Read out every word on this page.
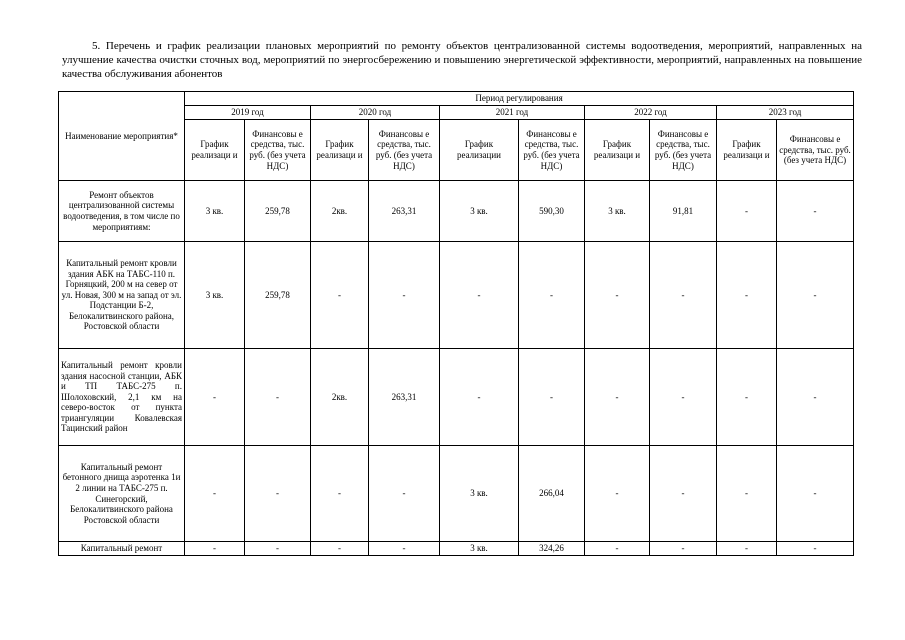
5. Перечень и график реализации плановых мероприятий по ремонту объектов централизованной системы водоотведения, мероприятий, направленных на улучшение качества очистки сточных вод, мероприятий по энергосбережению и повышению энергетической эффективности, мероприятий, направленных на повышение качества обслуживания абонентов
Наименование мероприятия*	Период регулирования									
	2019 год		2020 год		2021 год		2022 год		2023 год	
	График реализаци и	Финансовы е средства, тыс. руб. (без учета НДС)	График реализаци и	Финансовы е средства, тыс. руб. (без учета НДС)	График реализации	Финансовы е средства, тыс. руб. (без учета НДС)	График реализаци и	Финансовы е средства, тыс. руб. (без учета НДС)	График реализаци и	Финансовы е средства, тыс. руб. (без учета НДС)
Ремонт объектов централизованной системы водоотведения, в том числе по мероприятиям:	3 кв.	259,78	2кв.	263,31	3 кв.	590,30	3 кв.	91,81	-	-
Капитальный ремонт кровли здания АБК на ТАБС-110 п. Горняцкий, 200 м на север от ул. Новая, 300 м на запад от эл. Подстанции Б-2, Белокалитвинского района, Ростовской области	3 кв.	259,78	-	-	-	-	-	-	-	-
Капитальный ремонт кровли здания насосной станции, АБК и ТП ТАБС-275 п. Шолоховский, 2,1 км на северо-восток от пункта триангуляции Ковалевская Тацинский район	-	-	2кв.	263,31	-	-	-	-	-	-
Капитальный ремонт бетонного днища аэротенка 1и 2 линии на ТАБС-275 п. Синегорский, Белокалитвинского района Ростовской области	-	-	-	-	3 кв.	266,04	-	-	-	-
Капитальный ремонт	-	-	-	-	3 кв.	324,26	-	-	-	-
